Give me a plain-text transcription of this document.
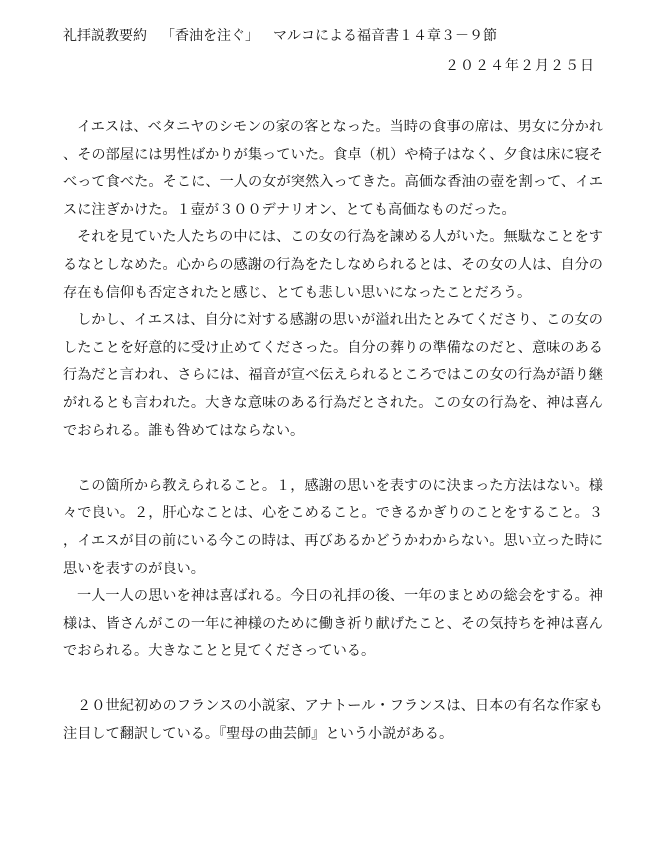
礼拝説教要約 「香油を注ぐ」 マルコによる福音書１４章３－９節
２０２４年２月２５日

イエスは、ベタニヤのシモンの家の客となった。当時の食事の席は、男女に分かれ、その部屋には男性ばかりが集っていた。食卓（机）や椅子はなく、夕食は床に寝そべって食べた。そこに、一人の女が突然入ってきた。高価な香油の壺を割って、イエスに注ぎかけた。１壺が３００デナリオン、とても高価なものだった。

それを見ていた人たちの中には、この女の行為を諫める人がいた。無駄なことをするなとしなめた。心からの感謝の行為をたしなめられるとは、その女の人は、自分の存在も信仰も否定されたと感じ、とても悲しい思いになったことだろう。

しかし、イエスは、自分に対する感謝の思いが溢れ出たとみてくださり、この女のしたことを好意的に受け止めてくださった。自分の葬りの準備なのだと、意味のある行為だと言われ、さらには、福音が宣べ伝えられるところではこの女の行為が語り継がれるとも言われた。大きな意味のある行為だとされた。この女の行為を、神は喜んでおられる。誰も咎めてはならない。

この箇所から教えられること。１，感謝の思いを表すのに決まった方法はない。様々で良い。２，肝心なことは、心をこめること。できるかぎりのことをすること。３，イエスが目の前にいる今この時は、再びあるかどうかわからない。思い立った時に思いを表すのが良い。

一人一人の思いを神は喜ばれる。今日の礼拝の後、一年のまとめの総会をする。神様は、皆さんがこの一年に神様のために働き祈り献げたこと、その気持ちを神は喜んでおられる。大きなことと見てくださっている。

２０世紀初めのフランスの小説家、アナトール・フランスは、日本の有名な作家も注目して翻訳している。『聖母の曲芸師』という小説がある。
